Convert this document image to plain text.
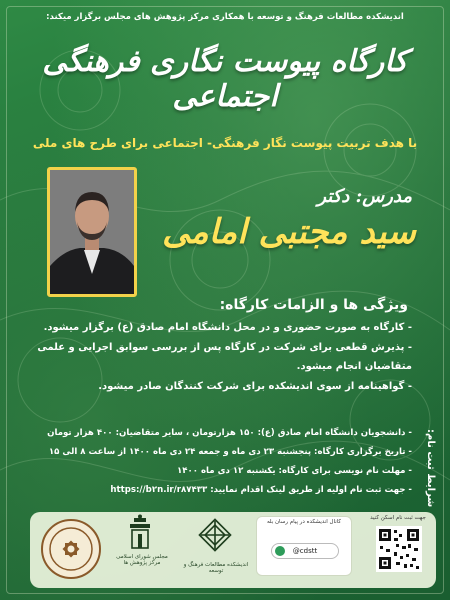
اندیشکده مطالعات فرهنگ و توسعه با همکاری مرکز پژوهش های مجلس برگزار میکند:
کارگاه پیوست نگاری فرهنگی اجتماعی
با هدف تربیت پیوست نگار فرهنگی- اجتماعی برای طرح های ملی
مدرس: دکتر
سید مجتبی امامی
ویژگی ها و الزامات کارگاه:
- کارگاه به صورت حضوری و در محل دانشگاه امام صادق (ع) برگزار میشود.
- پذیرش قطعی برای شرکت در کارگاه پس از بررسی سوابق اجرایی و علمی متقاضیان انجام میشود.
- گواهینامه از سوی اندیشکده برای شرکت کنندگان صادر میشود.
شرایط ثبت نام:
- دانشجویان دانشگاه امام صادق (ع): ۱۵۰ هزارتومان ، سایر متقاضیان: ۴۰۰ هزار تومان
- تاریخ برگزاری کارگاه: پنجشنبه ۲۳ دی ماه و جمعه ۲۴ دی ماه ۱۴۰۰ از ساعت ۸ الی ۱۵
- مهلت نام نویسی برای کارگاه: یکشنبه ۱۲ دی ماه ۱۴۰۰
- جهت ثبت نام اولیه از طریق لینک اقدام نمایید: https://b۲n.ir/r۸۷۴۳۳
جهت ثبت نام اسکن کنید
کانال اندیشکده در پیام رسان بله
@cdstt
اندیشکده مطالعات فرهنگ و توسعه
مجلس شورای اسلامی مرکز پژوهش ها
